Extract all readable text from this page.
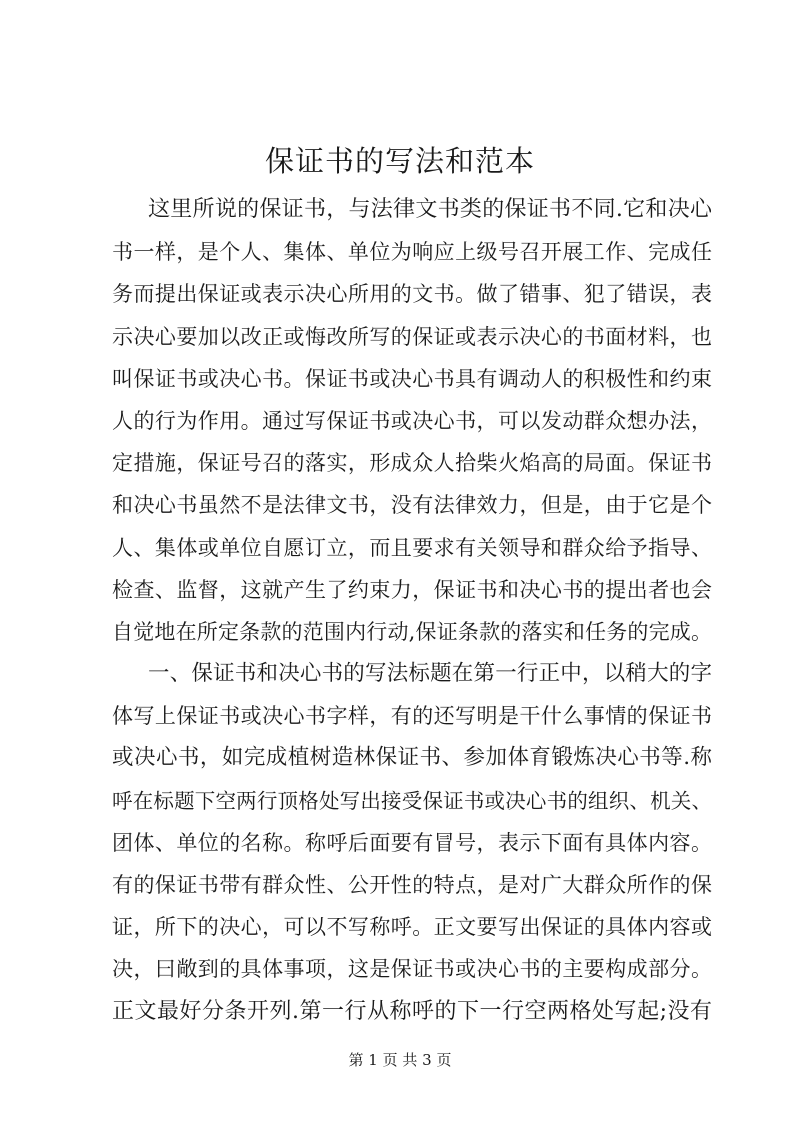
保证书的写法和范本
这里所说的保证书，与法律文书类的保证书不同.它和决心
书一样，是个人、集体、单位为响应上级号召开展工作、完成任
务而提出保证或表示决心所用的文书。做了错事、犯了错误，表
示决心要加以改正或悔改所写的保证或表示决心的书面材料，也
叫保证书或决心书。保证书或决心书具有调动人的积极性和约束
人的行为作用。通过写保证书或决心书，可以发动群众想办法，
定措施，保证号召的落实，形成众人拾柴火焰高的局面。保证书
和决心书虽然不是法律文书，没有法律效力，但是，由于它是个
人、集体或单位自愿订立，而且要求有关领导和群众给予指导、
检查、监督，这就产生了约束力，保证书和决心书的提出者也会
自觉地在所定条款的范围内行动,保证条款的落实和任务的完成。
一、保证书和决心书的写法标题在第一行正中，以稍大的字
体写上保证书或决心书字样，有的还写明是干什么事情的保证书
或决心书，如完成植树造林保证书、参加体育锻炼决心书等.称
呼在标题下空两行顶格处写出接受保证书或决心书的组织、机关、
团体、单位的名称。称呼后面要有冒号，表示下面有具体内容。
有的保证书带有群众性、公开性的特点，是对广大群众所作的保
证，所下的决心，可以不写称呼。正文要写出保证的具体内容或
决，曰敞到的具体事项，这是保证书或决心书的主要构成部分。
正文最好分条开列.第一行从称呼的下一行空两格处写起;没有
第 1 页 共 3 页
